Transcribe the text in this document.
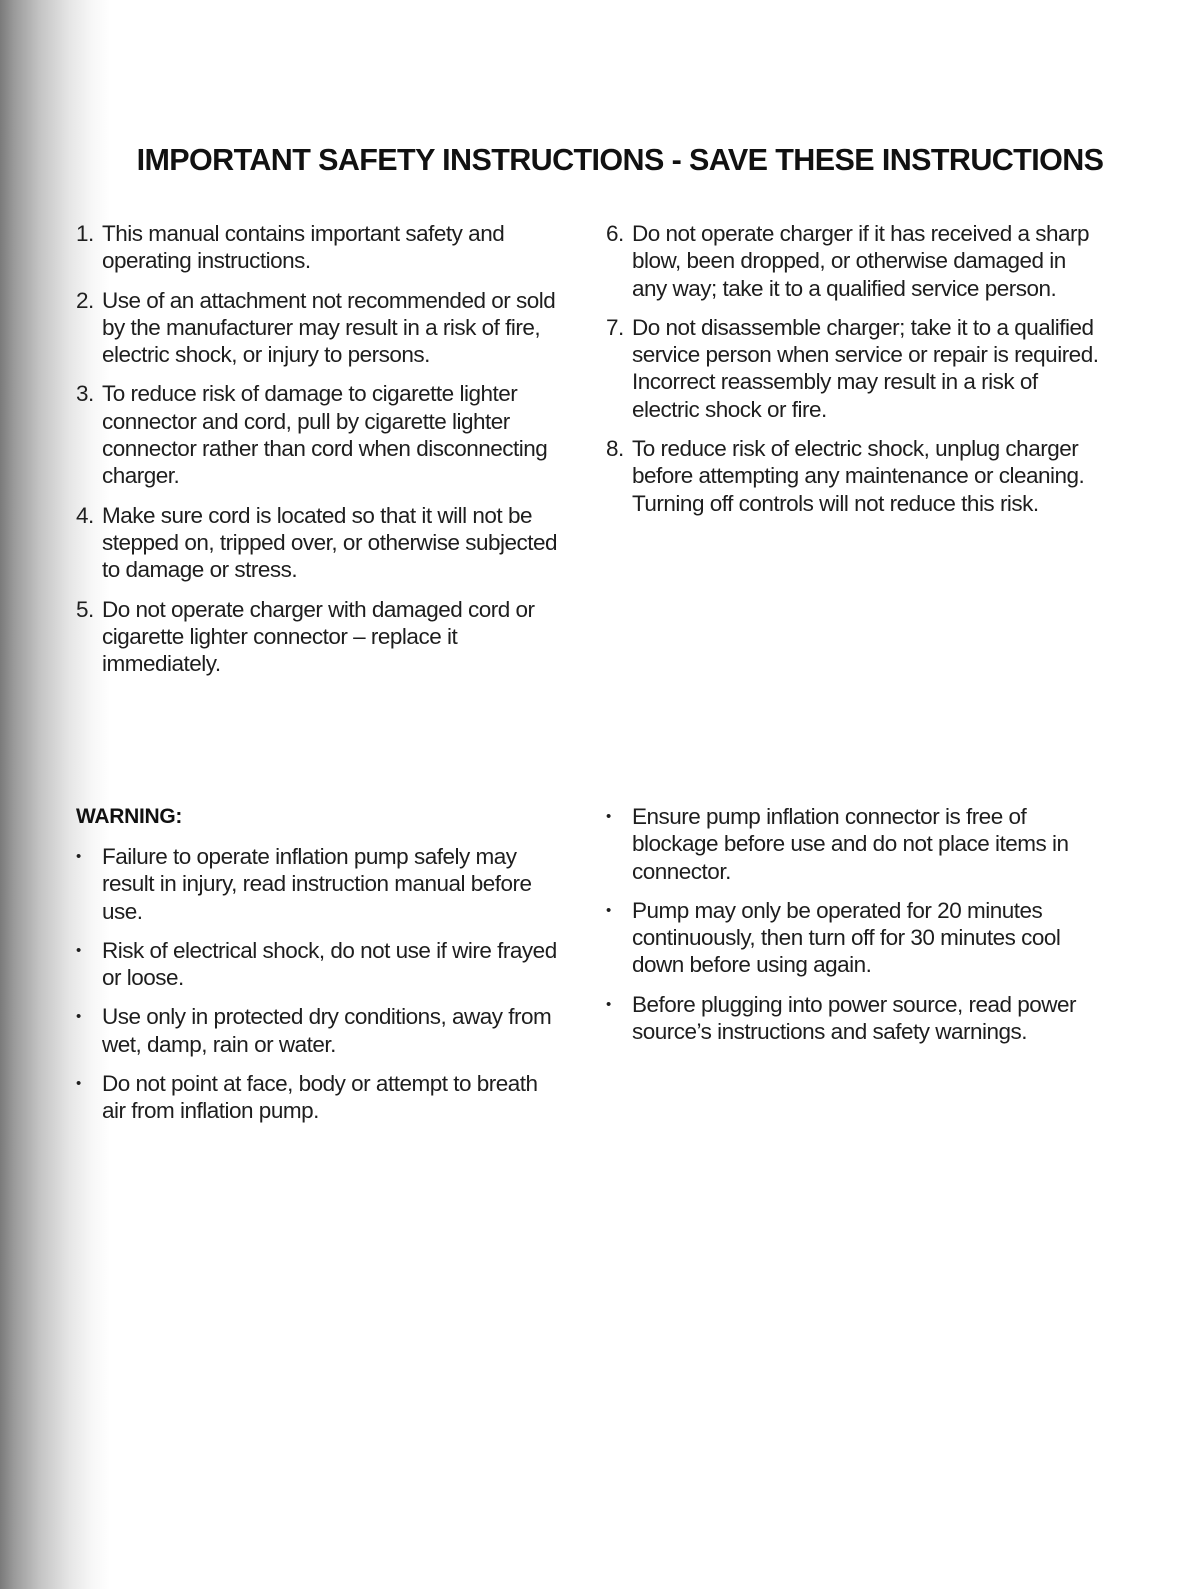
IMPORTANT SAFETY INSTRUCTIONS - SAVE THESE INSTRUCTIONS
1. This manual contains important safety and operating instructions.
2. Use of an attachment not recommended or sold by the manufacturer may result in a risk of fire, electric shock, or injury to persons.
3. To reduce risk of damage to cigarette lighter connector and cord, pull by cigarette lighter connector rather than cord when disconnecting charger.
4. Make sure cord is located so that it will not be stepped on, tripped over, or otherwise subjected to damage or stress.
5. Do not operate charger with damaged cord or cigarette lighter connector – replace it immediately.
6. Do not operate charger if it has received a sharp blow, been dropped, or otherwise damaged in any way; take it to a qualified service person.
7. Do not disassemble charger; take it to a qualified service person when service or repair is required. Incorrect reassembly may result in a risk of electric shock or fire.
8. To reduce risk of electric shock, unplug charger before attempting any maintenance or cleaning. Turning off controls will not reduce this risk.
WARNING:
• Failure to operate inflation pump safely may result in injury, read instruction manual before use.
• Risk of electrical shock, do not use if wire frayed or loose.
• Use only in protected dry conditions, away from wet, damp, rain or water.
• Do not point at face, body or attempt to breath air from inflation pump.
• Ensure pump inflation connector is free of blockage before use and do not place items in connector.
• Pump may only be operated for 20 minutes continuously, then turn off for 30 minutes cool down before using again.
• Before plugging into power source, read power source’s instructions and safety warnings.
